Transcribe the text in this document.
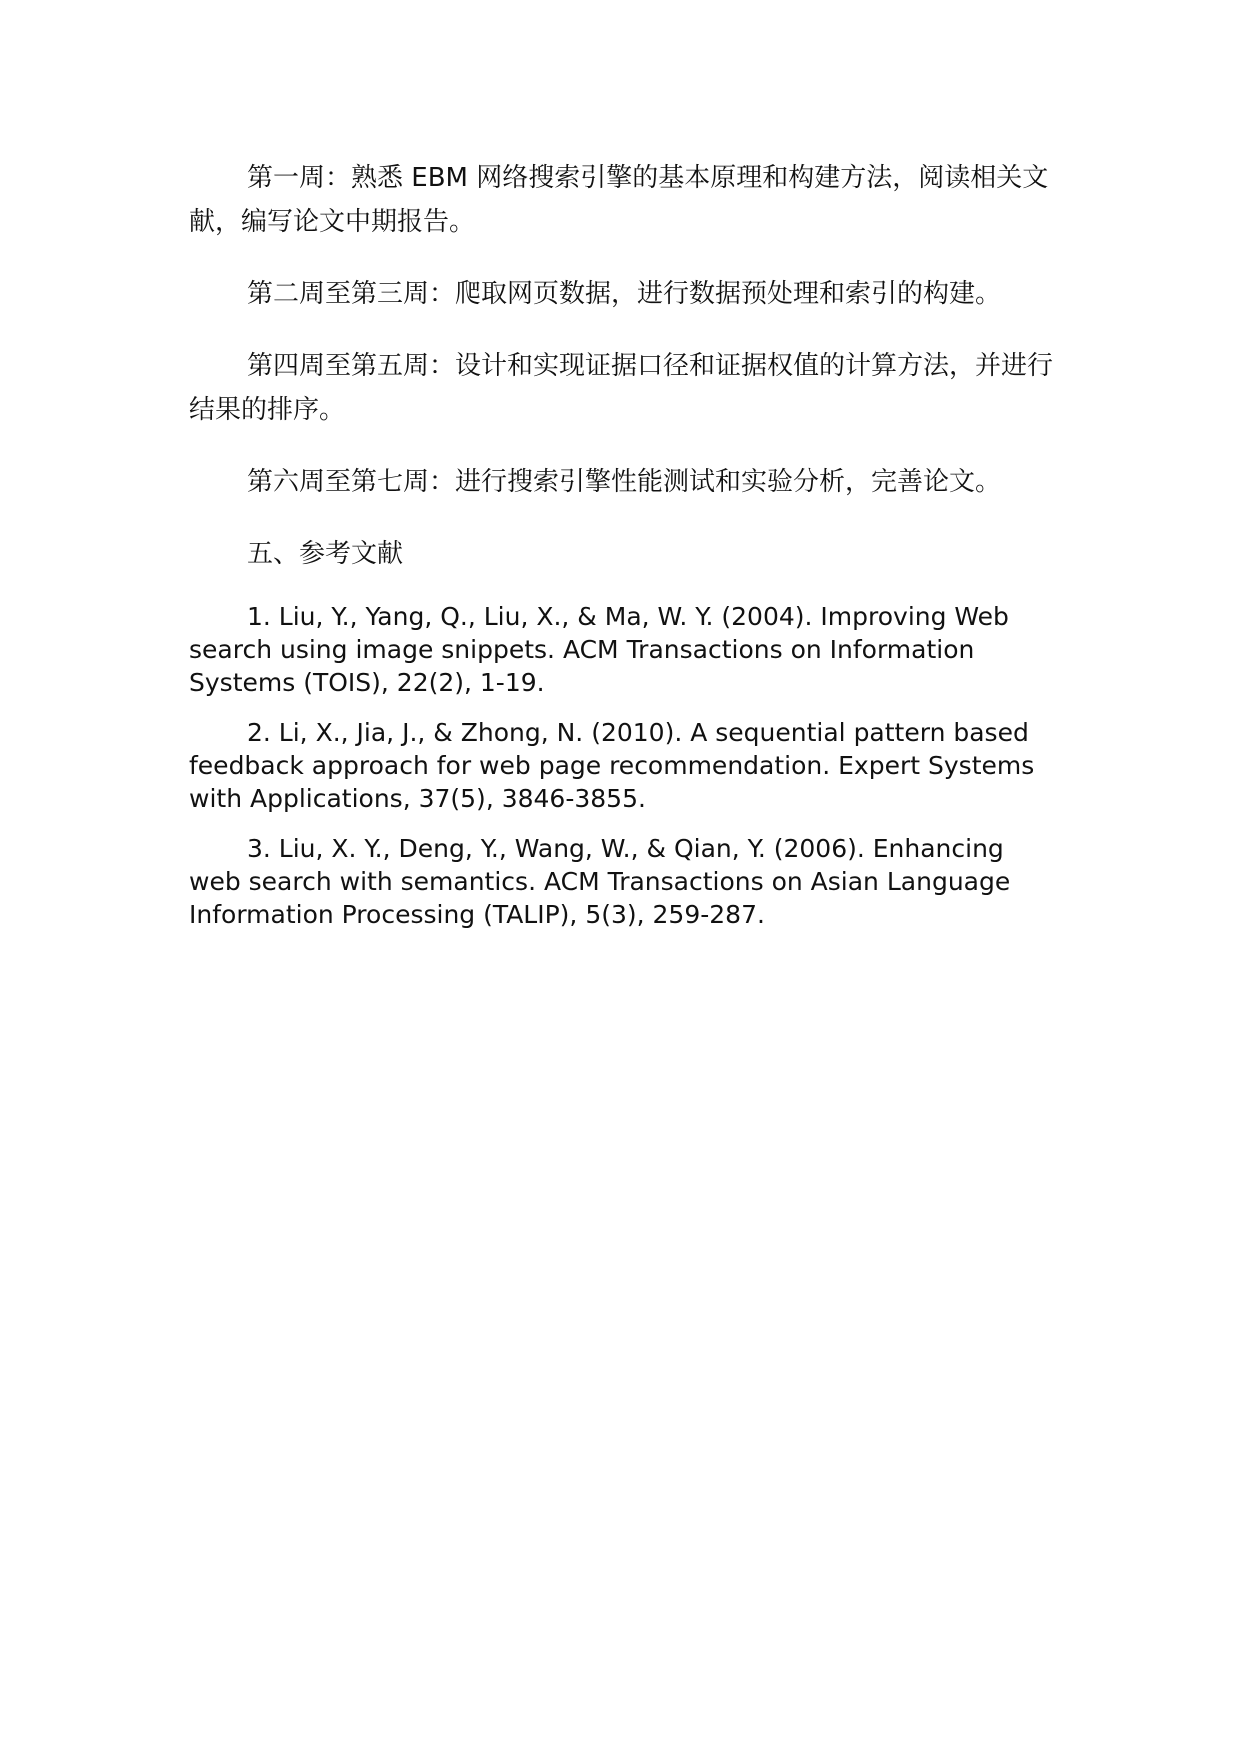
第一周：熟悉 EBM 网络搜索引擎的基本原理和构建方法，阅读相关文献，编写论文中期报告。

第二周至第三周：爬取网页数据，进行数据预处理和索引的构建。

第四周至第五周：设计和实现证据口径和证据权值的计算方法，并进行结果的排序。

第六周至第七周：进行搜索引擎性能测试和实验分析，完善论文。

五、参考文献

1. Liu, Y., Yang, Q., Liu, X., & Ma, W. Y. (2004). Improving Web search using image snippets. ACM Transactions on Information Systems (TOIS), 22(2), 1-19.

2. Li, X., Jia, J., & Zhong, N. (2010). A sequential pattern based feedback approach for web page recommendation. Expert Systems with Applications, 37(5), 3846-3855.

3. Liu, X. Y., Deng, Y., Wang, W., & Qian, Y. (2006). Enhancing web search with semantics. ACM Transactions on Asian Language Information Processing (TALIP), 5(3), 259-287.
